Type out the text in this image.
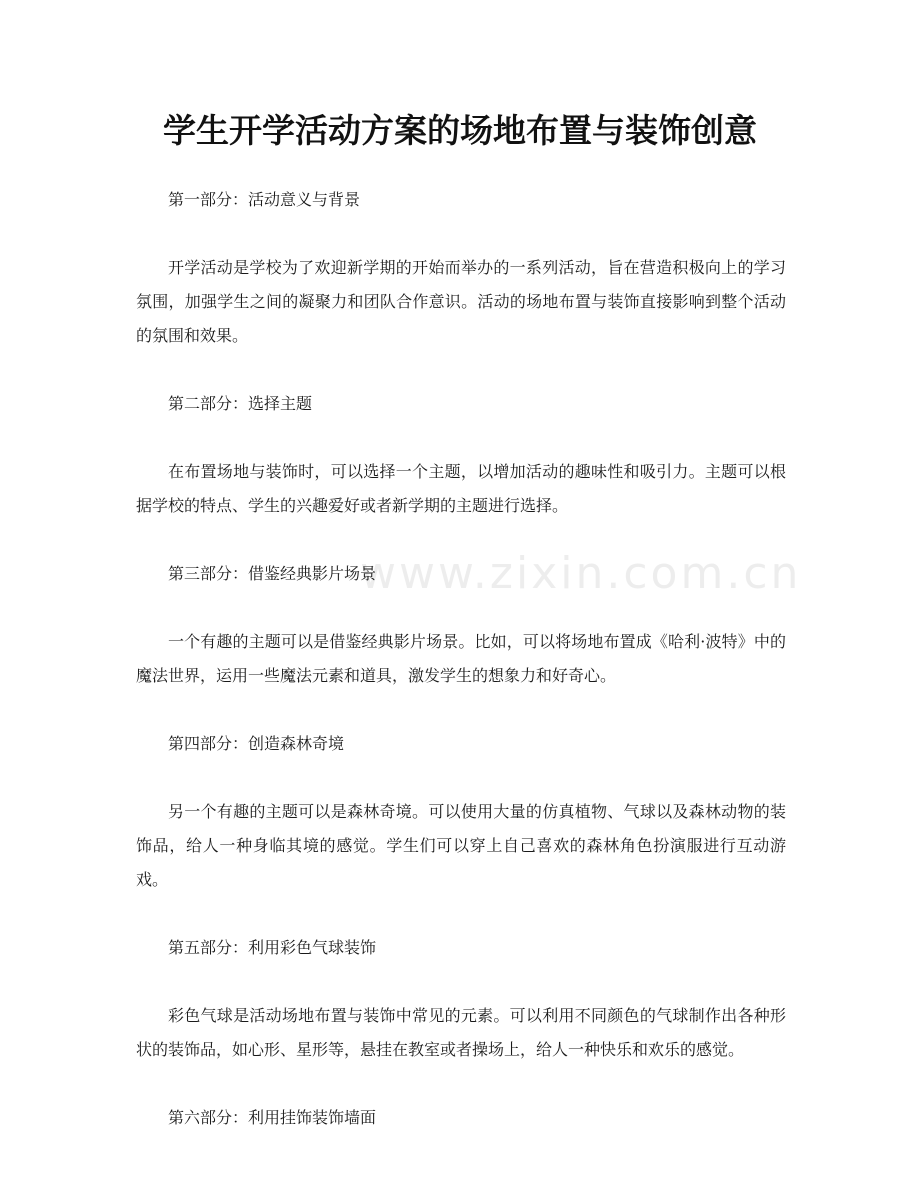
学生开学活动方案的场地布置与装饰创意
www.zixin.com.cn

第一部分：活动意义与背景

开学活动是学校为了欢迎新学期的开始而举办的一系列活动，旨在营造积极向上的学习氛围，加强学生之间的凝聚力和团队合作意识。活动的场地布置与装饰直接影响到整个活动的氛围和效果。

第二部分：选择主题

在布置场地与装饰时，可以选择一个主题，以增加活动的趣味性和吸引力。主题可以根据学校的特点、学生的兴趣爱好或者新学期的主题进行选择。

第三部分：借鉴经典影片场景

一个有趣的主题可以是借鉴经典影片场景。比如，可以将场地布置成《哈利·波特》中的魔法世界，运用一些魔法元素和道具，激发学生的想象力和好奇心。

第四部分：创造森林奇境

另一个有趣的主题可以是森林奇境。可以使用大量的仿真植物、气球以及森林动物的装饰品，给人一种身临其境的感觉。学生们可以穿上自己喜欢的森林角色扮演服进行互动游戏。

第五部分：利用彩色气球装饰

彩色气球是活动场地布置与装饰中常见的元素。可以利用不同颜色的气球制作出各种形状的装饰品，如心形、星形等，悬挂在教室或者操场上，给人一种快乐和欢乐的感觉。

第六部分：利用挂饰装饰墙面
